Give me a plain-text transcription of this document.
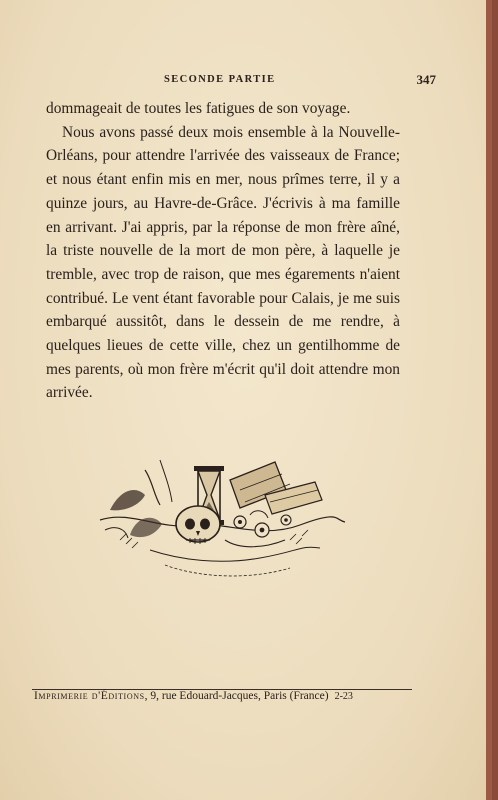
SECONDE PARTIE	347

dommageait de toutes les fatigues de son voyage.

Nous avons passé deux mois ensemble à la Nouvelle-Orléans, pour attendre l'arrivée des vaisseaux de France; et nous étant enfin mis en mer, nous prîmes terre, il y a quinze jours, au Havre-de-Grâce. J'écrivis à ma famille en arrivant. J'ai appris, par la réponse de mon frère aîné, la triste nouvelle de la mort de mon père, à laquelle je tremble, avec trop de raison, que mes égarements n'aient contribué. Le vent étant favorable pour Calais, je me suis embarqué aussitôt, dans le dessein de me rendre, à quelques lieues de cette ville, chez un gentilhomme de mes parents, où mon frère m'écrit qu'il doit attendre mon arrivée.

Imprimerie d'Éditions, 9, rue Edouard-Jacques, Paris (France) 2-23
